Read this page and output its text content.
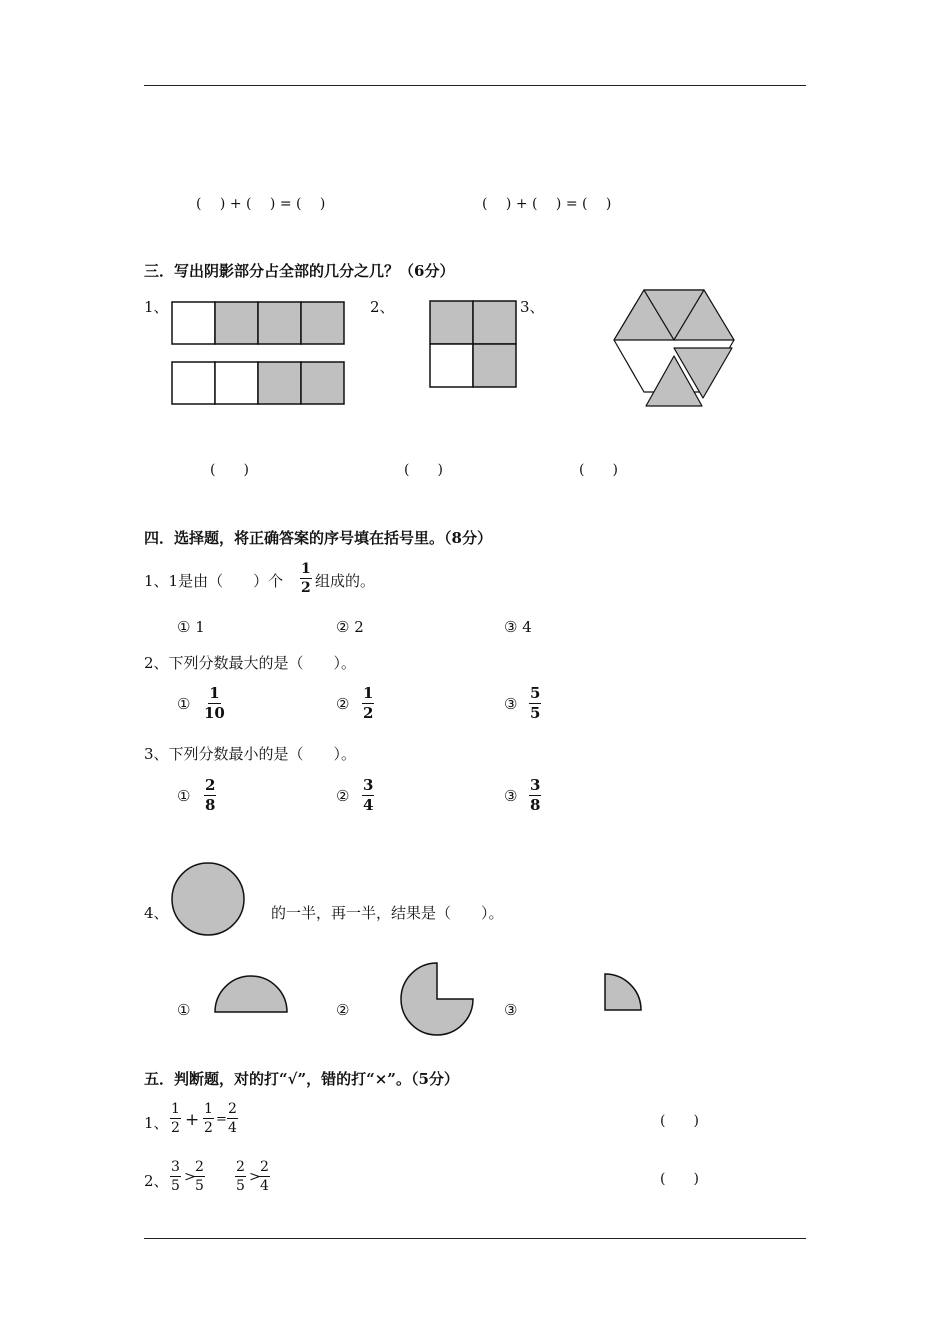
(　 ) + (　 ) = (　 )	(　 ) + (　 ) = (　 )
三．写出阴影部分占全部的几分之几？（6分）
1、	2、	3、
(　　)	(　　)	(　　)
四．选择题，将正确答案的序号填在括号里。（8分）
1、1是由（　　）个 $\frac{1}{2}$ 组成的。
① 1	② 2	③ 4
2、下列分数最大的是（　　）。
① $\frac{1}{10}$	② $\frac{1}{2}$	③ $\frac{5}{5}$
3、下列分数最小的是（　　）。
① $\frac{2}{8}$	② $\frac{3}{4}$	③ $\frac{3}{8}$
4、	的一半，再一半，结果是（　　）。
①	②	③
五．判断题，对的打“√”，错的打“×”。（5分）
1、 $\frac{1}{2} + \frac{1}{2} = \frac{2}{4}$	(　　)
2、 $\frac{3}{5}$ >
$\frac{2}{5} \frac{2}{5}$ >
$\frac{2}{4}$	(　　)
